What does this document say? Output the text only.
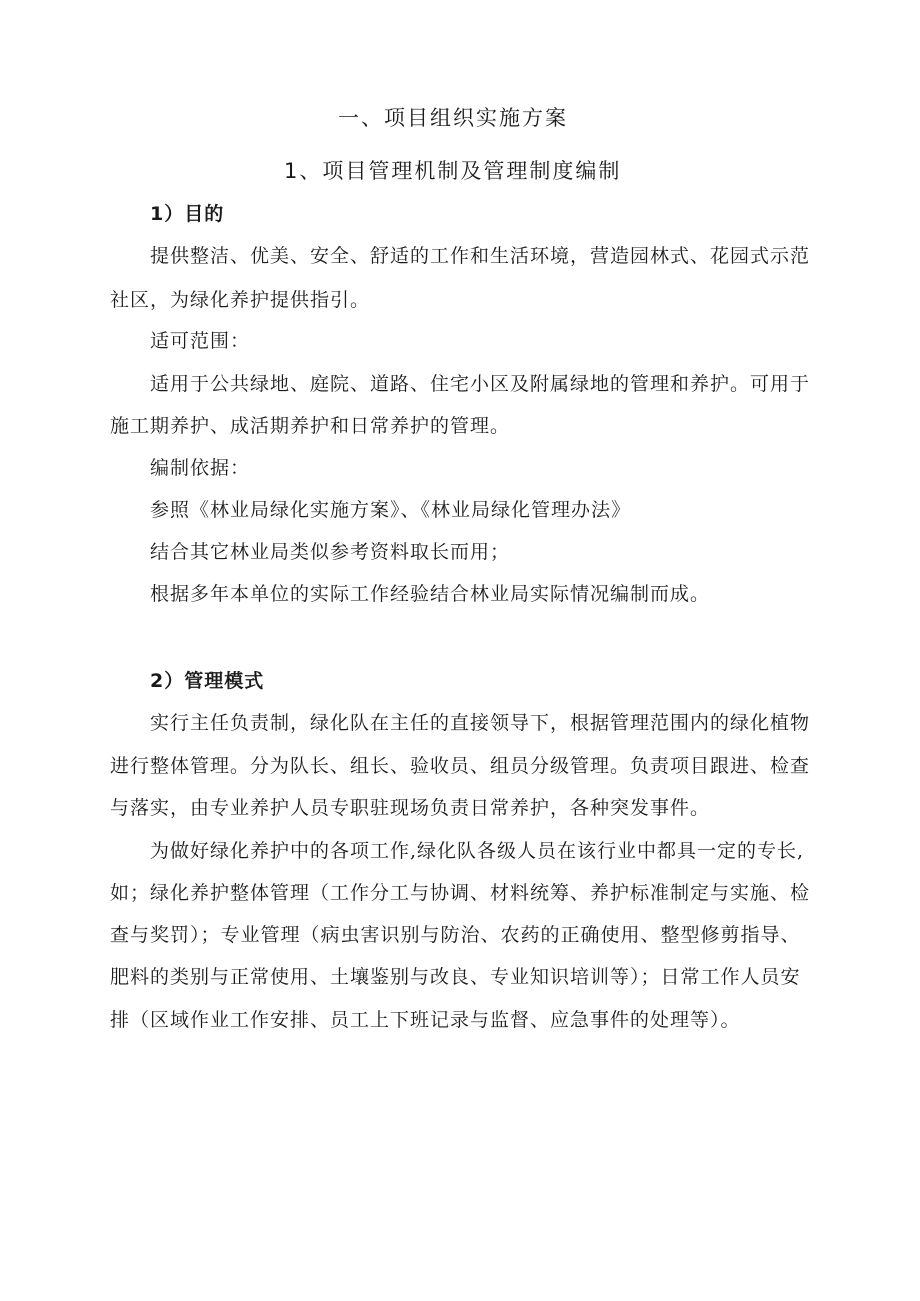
一、项目组织实施方案
1、项目管理机制及管理制度编制
1）目的
提供整洁、优美、安全、舒适的工作和生活环境，营造园林式、花园式示范
社区，为绿化养护提供指引。
适可范围：
适用于公共绿地、庭院、道路、住宅小区及附属绿地的管理和养护。可用于
施工期养护、成活期养护和日常养护的管理。
编制依据：
参照《林业局绿化实施方案》、《林业局绿化管理办法》
结合其它林业局类似参考资料取长而用；
根据多年本单位的实际工作经验结合林业局实际情况编制而成。
2）管理模式
实行主任负责制，绿化队在主任的直接领导下，根据管理范围内的绿化植物
进行整体管理。分为队长、组长、验收员、组员分级管理。负责项目跟进、检查
与落实，由专业养护人员专职驻现场负责日常养护，各种突发事件。
为做好绿化养护中的各项工作,绿化队各级人员在该行业中都具一定的专长,
如；绿化养护整体管理（工作分工与协调、材料统筹、养护标准制定与实施、检
查与奖罚）；专业管理（病虫害识别与防治、农药的正确使用、整型修剪指导、
肥料的类别与正常使用、土壤鉴别与改良、专业知识培训等）；日常工作人员安
排（区域作业工作安排、员工上下班记录与监督、应急事件的处理等）。
